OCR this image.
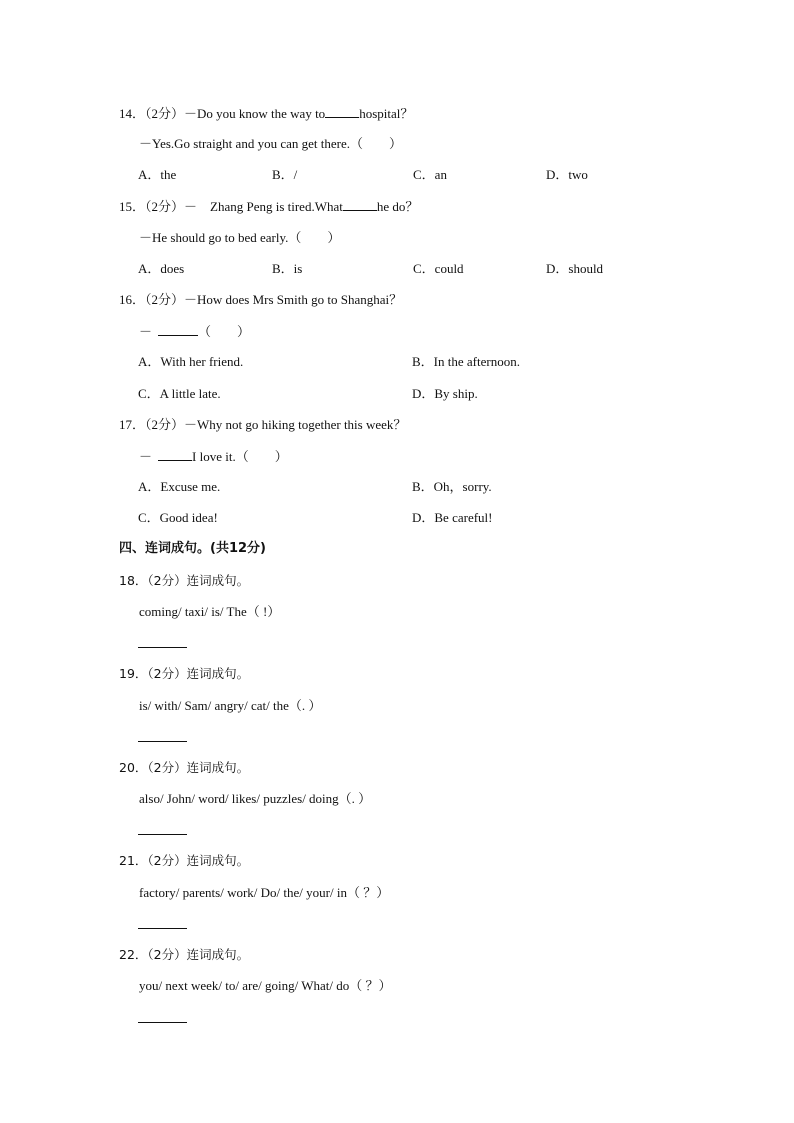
14．（2分）－Do you know the way to	hospital？
－Yes.Go straight and you can get there.（　　）
A．the	B．/	C．an	D．two
15．（2分）－　Zhang Peng is tired.What	he do？
－He should go to bed early.（　　）
A．does	B．is	C．could	D．should
16．（2分）－How does Mrs Smith go to Shanghai？
－	（　　）
A．With her friend.	B．In the afternoon.
C．A little late.	D．By ship.
17．（2分）－Why not go hiking together this week？
－	I love it.（　　）
A．Excuse me.	B．Oh，sorry.
C．Good idea!	D．Be careful!
四、连词成句。(共12分)
18．（2分）连词成句。
coming/ taxi/ is/ The（ !）
19．（2分）连词成句。
is/ with/ Sam/ angry/ cat/ the（. ）
20．（2分）连词成句。
also/ John/ word/ likes/ puzzles/ doing（. ）
21．（2分）连词成句。
factory/ parents/ work/ Do/ the/ your/ in（ ？）
22．（2分）连词成句。
you/ next week/ to/ are/ going/ What/ do（ ？）
